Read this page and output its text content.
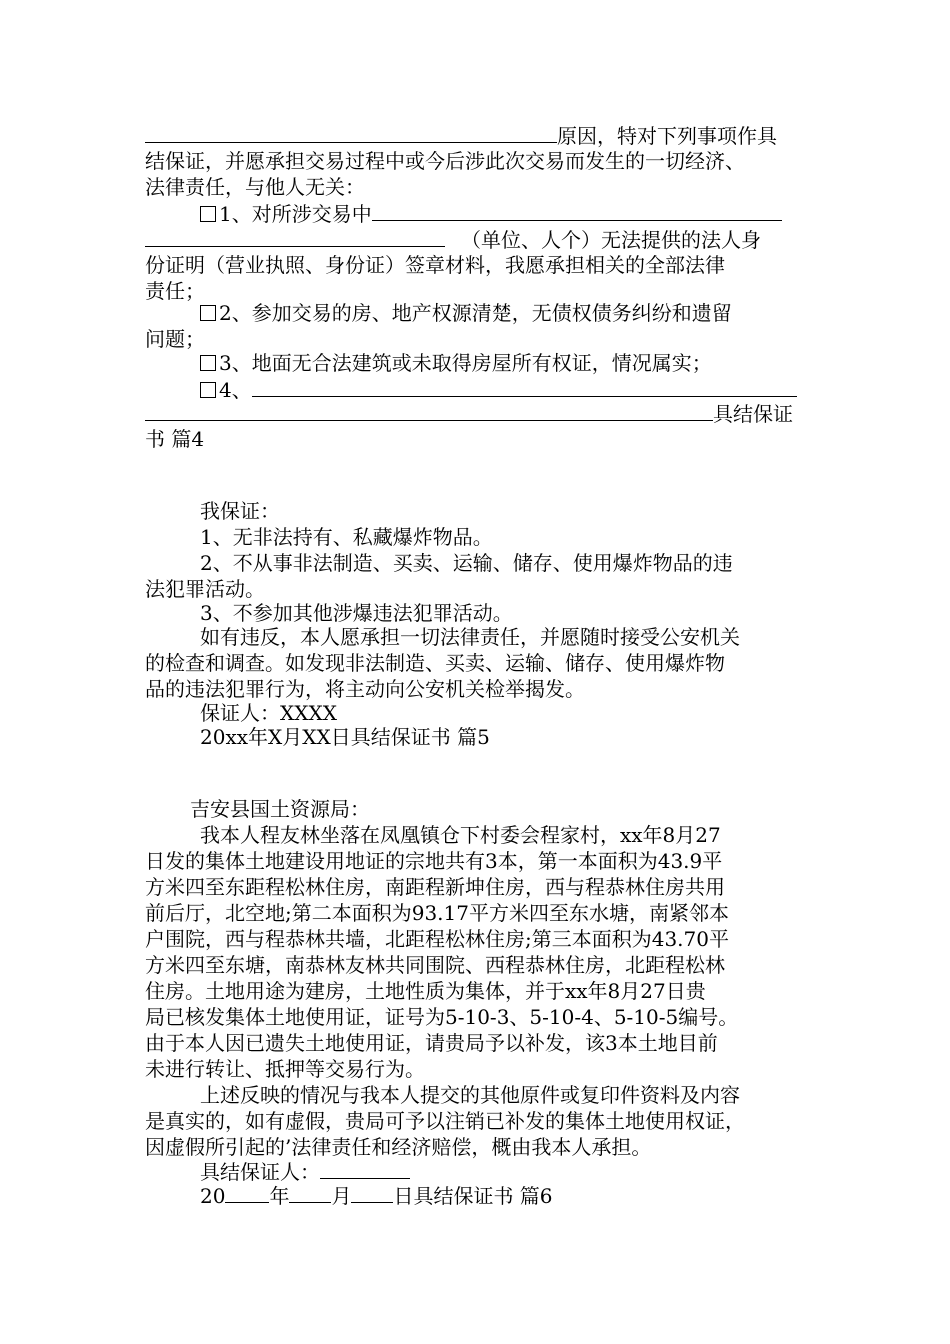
原因，特对下列事项作具
结保证，并愿承担交易过程中或今后涉此次交易而发生的一切经济、
法律责任，与他人无关：
1、对所涉交易中
（单位、人个）无法提供的法人身
份证明（营业执照、身份证）签章材料，我愿承担相关的全部法律
责任；
2、参加交易的房、地产权源清楚，无债权债务纠纷和遗留
问题；
3、地面无合法建筑或未取得房屋所有权证，情况属实；
4、
具结保证
书 篇4
我保证：
1、无非法持有、私藏爆炸物品。
2、不从事非法制造、买卖、运输、储存、使用爆炸物品的违
法犯罪活动。
3、不参加其他涉爆违法犯罪活动。
如有违反，本人愿承担一切法律责任，并愿随时接受公安机关
的检查和调查。如发现非法制造、买卖、运输、储存、使用爆炸物
品的违法犯罪行为，将主动向公安机关检举揭发。
保证人：XXXX
20xx年X月XX日具结保证书 篇5
吉安县国土资源局：
我本人程友林坐落在凤凰镇仓下村委会程家村，xx年8月27
日发的集体土地建设用地证的宗地共有3本，第一本面积为43.9平
方米四至东距程松林住房，南距程新坤住房，西与程恭林住房共用
前后厅，北空地;第二本面积为93.17平方米四至东水塘，南紧邻本
户围院，西与程恭林共墙，北距程松林住房;第三本面积为43.70平
方米四至东塘，南恭林友林共同围院、西程恭林住房，北距程松林
住房。土地用途为建房，土地性质为集体，并于xx年8月27日贵
局已核发集体土地使用证，证号为5-10-3、5-10-4、5-10-5编号。
由于本人因已遗失土地使用证，请贵局予以补发，该3本土地目前
未进行转让、抵押等交易行为。
上述反映的情况与我本人提交的其他原件或复印件资料及内容
是真实的，如有虚假，贵局可予以注销已补发的集体土地使用权证，
因虚假所引起的’法律责任和经济赔偿，概由我本人承担。
具结保证人：
20 年 月 日具结保证书 篇6
